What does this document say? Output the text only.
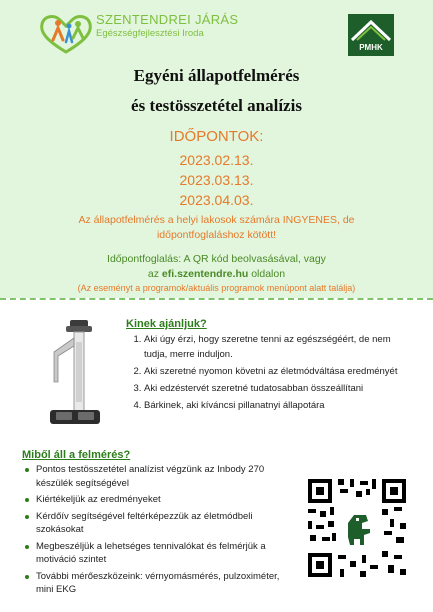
SZENTENDREI JÁRÁS
Egészségfejlesztési Iroda
PMHK
Egyéni állapotfelmérés
és testösszetétel analízis
IDŐPONTOK:
2023.02.13.
2023.03.13.
2023.04.03.
Az állapotfelmérés a helyi lakosok számára INGYENES, de
időpontfoglaláshoz kötött!
Időpontfoglalás: A QR kód beolvasásával, vagy
az efi.szentendre.hu oldalon
(Az eseményt a programok/aktuális programok menüpont alatt találja)
Kinek ajánljuk?
1. Aki úgy érzi, hogy szeretne tenni az egészségéért, de nem tudja, merre induljon.
2. Aki szeretné nyomon követni az életmódváltása eredményét
3. Aki edzéstervét szeretné tudatosabban összeállítani
4. Bárkinek, aki kíváncsi pillanatnyi állapotára
Miből áll a felmérés?
Pontos testösszetétel analízist végzünk az Inbody 270 készülék segítségével
Kiértékeljük az eredményeket
Kérdőív segítségével feltérképezzük az életmódbeli szokásokat
Megbeszéljük a lehetséges tennivalókat és felmérjük a motiváció szintet
További mérőeszközeink: vérnyomásmérés, pulzoximéter, mini EKG
